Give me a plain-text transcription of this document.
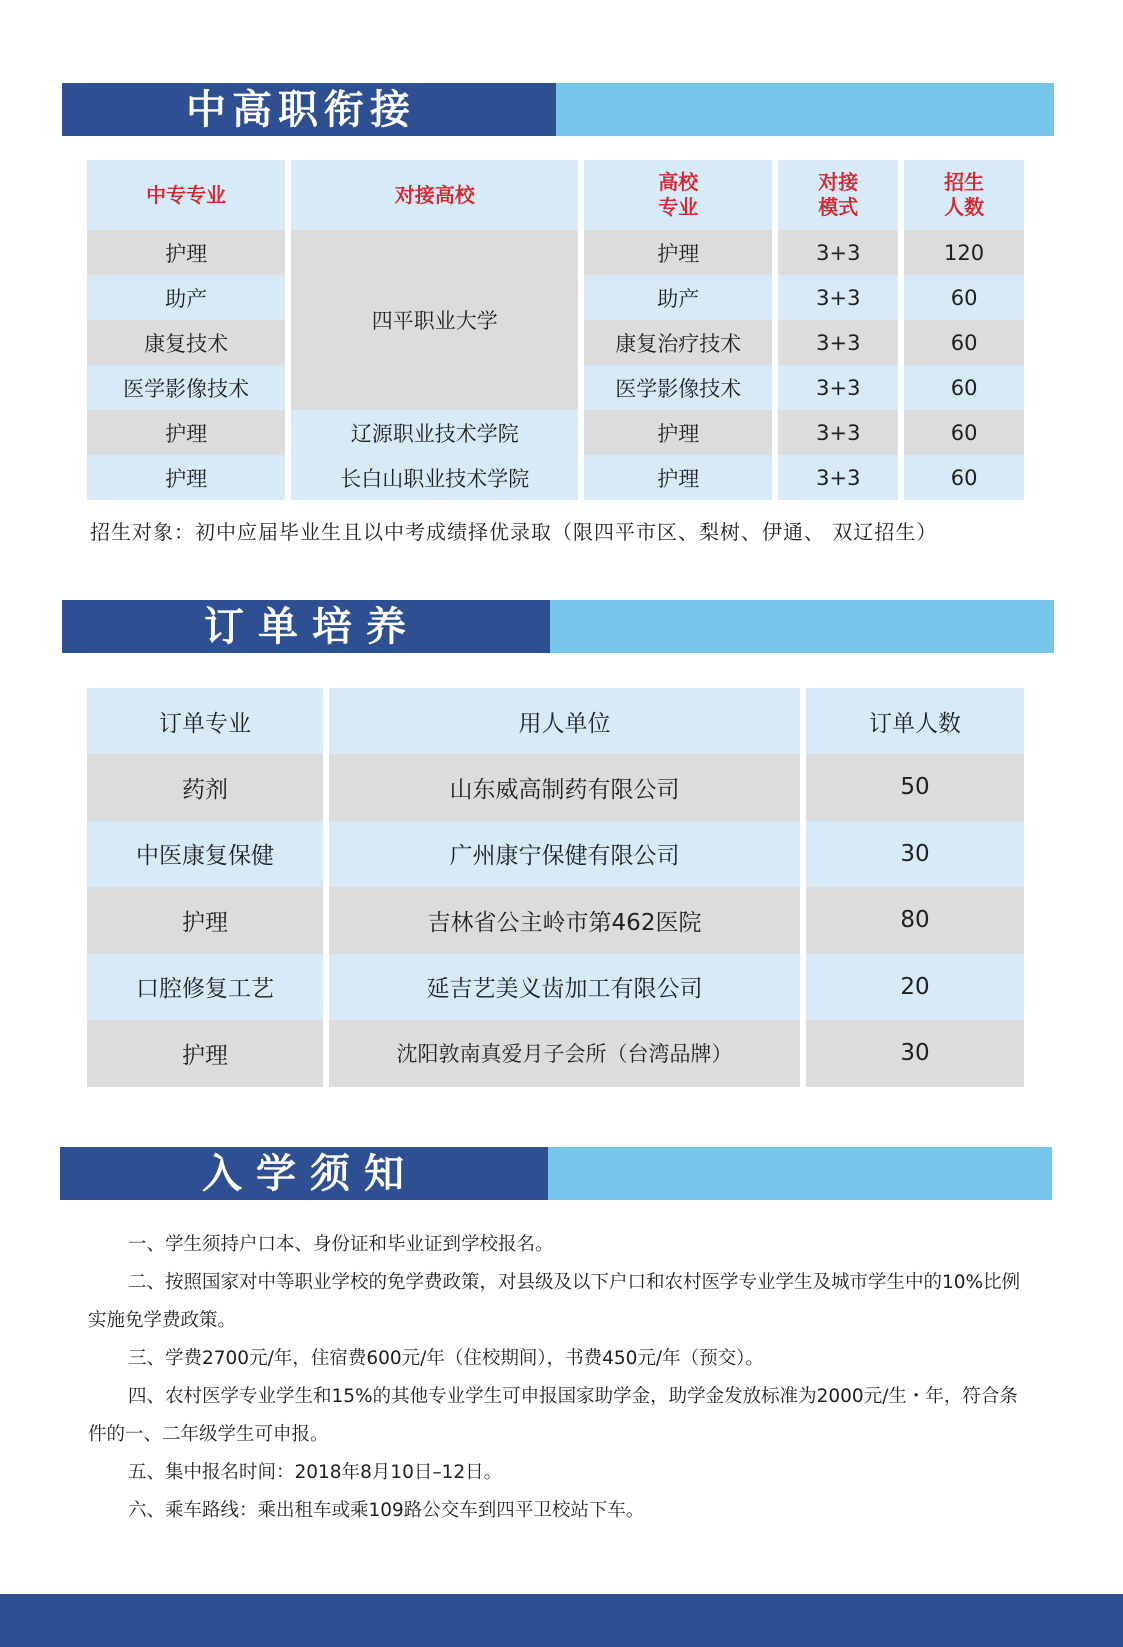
中高职衔接
中专专业	对接高校	高校专业	对接模式	招生人数
护理	四平职业大学	护理	3+3	120
助产		助产	3+3	60
康复技术		康复治疗技术	3+3	60
医学影像技术		医学影像技术	3+3	60
护理	辽源职业技术学院	护理	3+3	60
护理	长白山职业技术学院	护理	3+3	60
招生对象：初中应届毕业生且以中考成绩择优录取（限四平市区、梨树、伊通、 双辽招生）
订单培养
订单专业	用人单位	订单人数
药剂	山东威高制药有限公司	50
中医康复保健	广州康宁保健有限公司	30
护理	吉林省公主岭市第462医院	80
口腔修复工艺	延吉艺美义齿加工有限公司	20
护理	沈阳敦南真爱月子会所（台湾品牌）	30
入学须知

一、学生须持户口本、身份证和毕业证到学校报名。

二、按照国家对中等职业学校的免学费政策，对县级及以下户口和农村医学专业学生及城市学生中的10%比例实施免学费政策。

三、学费2700元/年，住宿费600元/年（住校期间），书费450元/年（预交）。

四、农村医学专业学生和15%的其他专业学生可申报国家助学金，助学金发放标准为2000元/生・年，符合条件的一、二年级学生可申报。

五、集中报名时间：2018年8月10日–12日。

六、乘车路线：乘出租车或乘109路公交车到四平卫校站下车。
